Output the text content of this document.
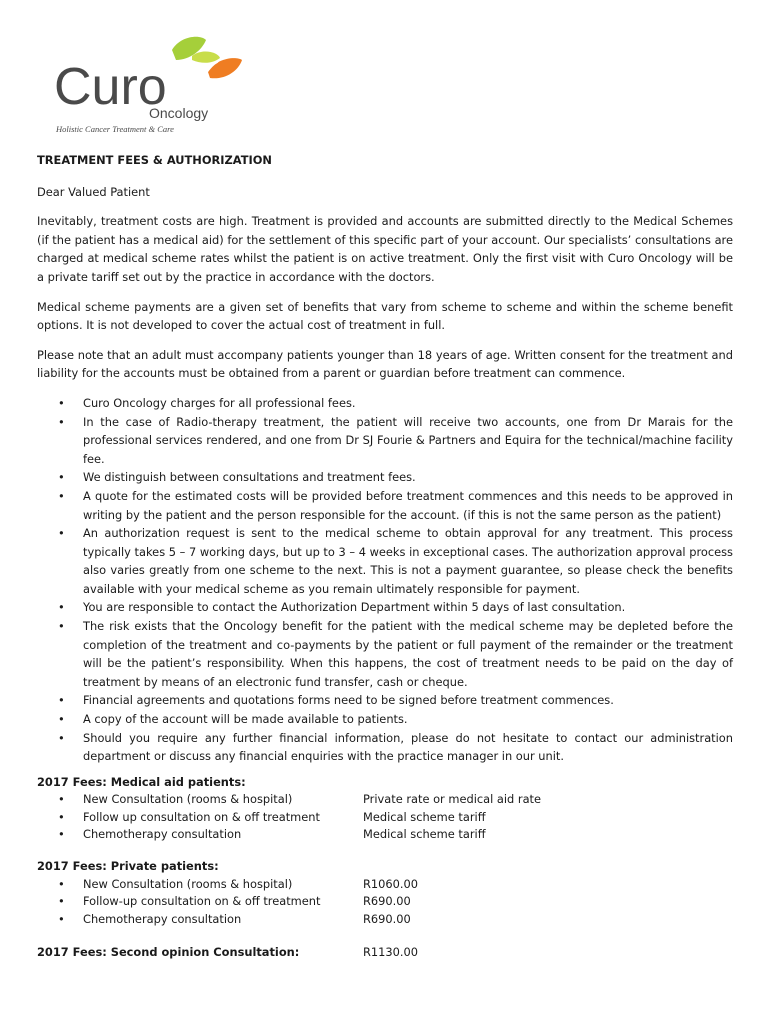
Curo
Oncology
Holistic Cancer Treatment & Care
TREATMENT FEES & AUTHORIZATION
Dear Valued Patient
Inevitably, treatment costs are high. Treatment is provided and accounts are submitted directly to the Medical Schemes (if the patient has a medical aid) for the settlement of this specific part of your account. Our specialists’ consultations are charged at medical scheme rates whilst the patient is on active treatment. Only the first visit with Curo Oncology will be a private tariff set out by the practice in accordance with the doctors.
Medical scheme payments are a given set of benefits that vary from scheme to scheme and within the scheme benefit options. It is not developed to cover the actual cost of treatment in full.
Please note that an adult must accompany patients younger than 18 years of age. Written consent for the treatment and liability for the accounts must be obtained from a parent or guardian before treatment can commence.
• Curo Oncology charges for all professional fees.
• In the case of Radio-therapy treatment, the patient will receive two accounts, one from Dr Marais for the professional services rendered, and one from Dr SJ Fourie & Partners and Equira for the technical/machine facility fee.
• We distinguish between consultations and treatment fees.
• A quote for the estimated costs will be provided before treatment commences and this needs to be approved in writing by the patient and the person responsible for the account. (if this is not the same person as the patient)
• An authorization request is sent to the medical scheme to obtain approval for any treatment. This process typically takes 5 – 7 working days, but up to 3 – 4 weeks in exceptional cases. The authorization approval process also varies greatly from one scheme to the next. This is not a payment guarantee, so please check the benefits available with your medical scheme as you remain ultimately responsible for payment.
• You are responsible to contact the Authorization Department within 5 days of last consultation.
• The risk exists that the Oncology benefit for the patient with the medical scheme may be depleted before the completion of the treatment and co-payments by the patient or full payment of the remainder or the treatment will be the patient’s responsibility. When this happens, the cost of treatment needs to be paid on the day of treatment by means of an electronic fund transfer, cash or cheque.
• Financial agreements and quotations forms need to be signed before treatment commences.
• A copy of the account will be made available to patients.
• Should you require any further financial information, please do not hesitate to contact our administration department or discuss any financial enquiries with the practice manager in our unit.
2017 Fees: Medical aid patients:
• New Consultation (rooms & hospital)	Private rate or medical aid rate
• Follow up consultation on & off treatment	Medical scheme tariff
• Chemotherapy consultation	Medical scheme tariff
2017 Fees: Private patients:
• New Consultation (rooms & hospital)	R1060.00
• Follow-up consultation on & off treatment	R690.00
• Chemotherapy consultation	R690.00
2017 Fees: Second opinion Consultation:	R1130.00
